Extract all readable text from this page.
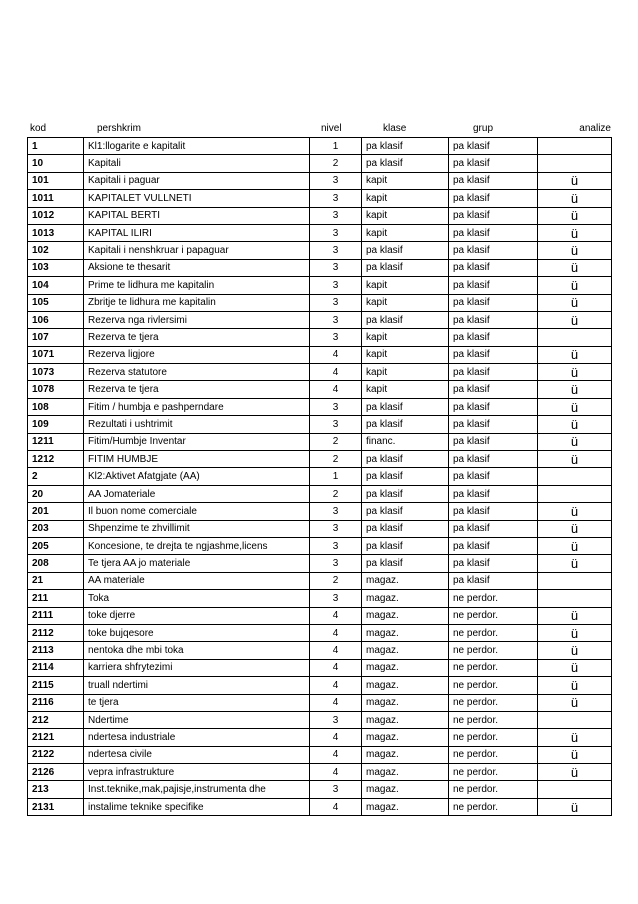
kod	pershkrim	nivel	klase	grup	analize
1	Kl1:llogarite e kapitalit	1	pa klasif	pa klasif	
10	Kapitali	2	pa klasif	pa klasif	
101	Kapitali i paguar	3	kapit	pa klasif	ü
1011	KAPITALET VULLNETI	3	kapit	pa klasif	ü
1012	KAPITAL BERTI	3	kapit	pa klasif	ü
1013	KAPITAL ILIRI	3	kapit	pa klasif	ü
102	Kapitali i nenshkruar i papaguar	3	pa klasif	pa klasif	ü
103	Aksione te thesarit	3	pa klasif	pa klasif	ü
104	Prime te lidhura me kapitalin	3	kapit	pa klasif	ü
105	Zbritje te lidhura me kapitalin	3	kapit	pa klasif	ü
106	Rezerva nga rivlersimi	3	pa klasif	pa klasif	ü
107	Rezerva te tjera	3	kapit	pa klasif	
1071	Rezerva ligjore	4	kapit	pa klasif	ü
1073	Rezerva statutore	4	kapit	pa klasif	ü
1078	Rezerva te tjera	4	kapit	pa klasif	ü
108	Fitim / humbja e pashperndare	3	pa klasif	pa klasif	ü
109	Rezultati i ushtrimit	3	pa klasif	pa klasif	ü
1211	Fitim/Humbje Inventar	2	financ.	pa klasif	ü
1212	FITIM HUMBJE	2	pa klasif	pa klasif	ü
2	Kl2:Aktivet Afatgjate (AA)	1	pa klasif	pa klasif	
20	AA Jomateriale	2	pa klasif	pa klasif	
201	Il buon nome comerciale	3	pa klasif	pa klasif	ü
203	Shpenzime te zhvillimit	3	pa klasif	pa klasif	ü
205	Koncesione, te drejta te ngjashme,licens	3	pa klasif	pa klasif	ü
208	Te tjera AA jo materiale	3	pa klasif	pa klasif	ü
21	AA materiale	2	magaz.	pa klasif	
211	Toka	3	magaz.	ne perdor.	
2111	toke djerre	4	magaz.	ne perdor.	ü
2112	toke bujqesore	4	magaz.	ne perdor.	ü
2113	nentoka dhe mbi toka	4	magaz.	ne perdor.	ü
2114	karriera shfrytezimi	4	magaz.	ne perdor.	ü
2115	truall ndertimi	4	magaz.	ne perdor.	ü
2116	te tjera	4	magaz.	ne perdor.	ü
212	Ndertime	3	magaz.	ne perdor.	
2121	ndertesa industriale	4	magaz.	ne perdor.	ü
2122	ndertesa civile	4	magaz.	ne perdor.	ü
2126	vepra infrastrukture	4	magaz.	ne perdor.	ü
213	Inst.teknike,mak,pajisje,instrumenta dhe	3	magaz.	ne perdor.	
2131	instalime teknike specifike	4	magaz.	ne perdor.	ü
